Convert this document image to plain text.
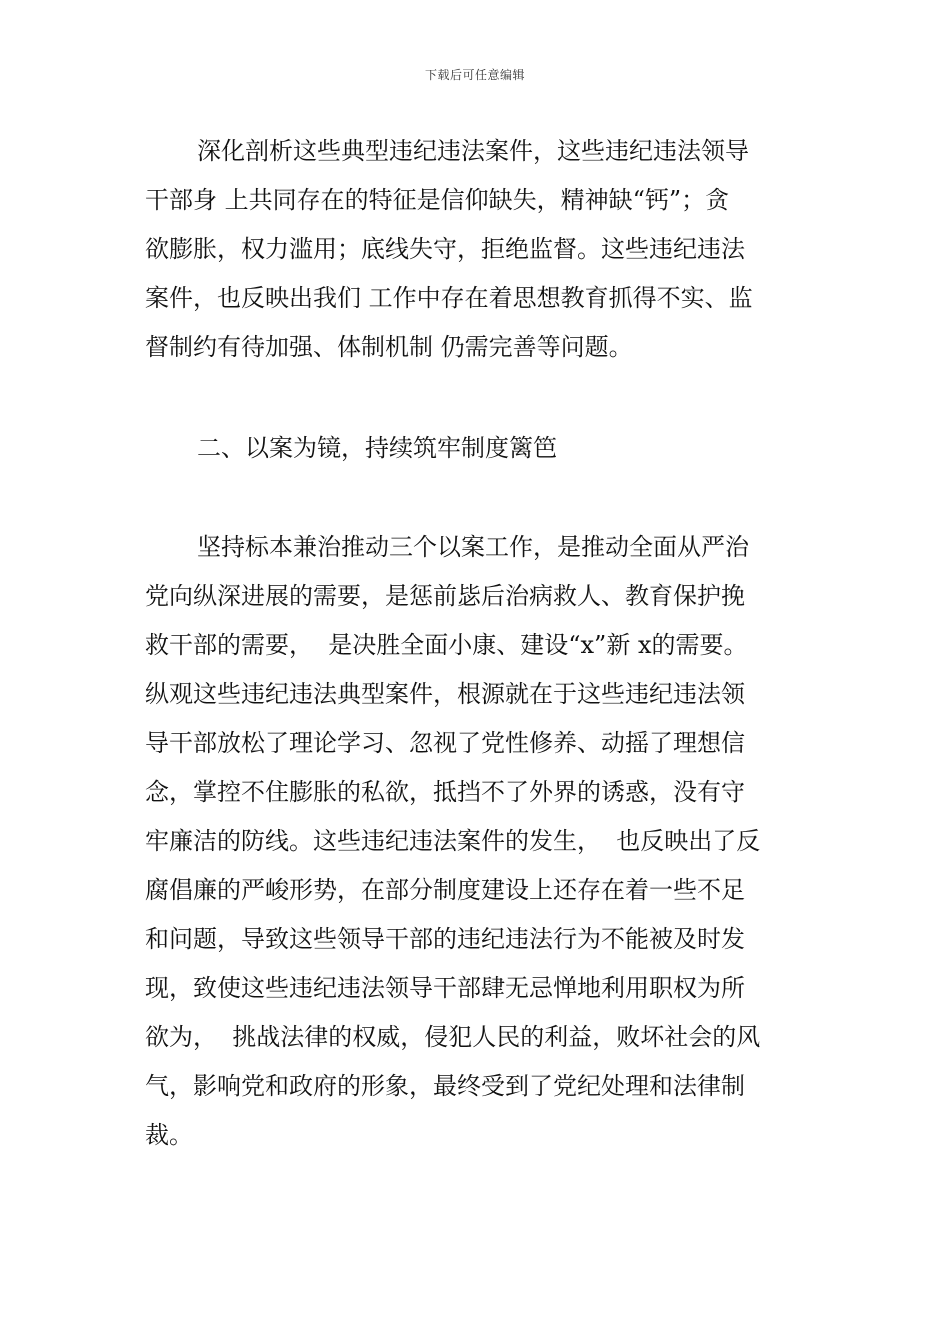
下载后可任意编辑
深化剖析这些典型违纪违法案件，这些违纪违法领导
干部身 上共同存在的特征是信仰缺失，精神缺“钙”；贪
欲膨胀，权力滥用；底线失守，拒绝监督。这些违纪违法
案件，也反映出我们 工作中存在着思想教育抓得不实、监
督制约有待加强、体制机制 仍需完善等问题。
二、以案为镜，持续筑牢制度篱笆
坚持标本兼治推动三个以案工作，是推动全面从严治
党向纵深进展的需要，是惩前毖后治病救人、教育保护挽
救干部的需要，  是决胜全面小康、建设“x”新 x的需要。
纵观这些违纪违法典型案件，根源就在于这些违纪违法领
导干部放松了理论学习、忽视了党性修养、动摇了理想信
念，掌控不住膨胀的私欲，抵挡不了外界的诱惑，没有守
牢廉洁的防线。这些违纪违法案件的发生，  也反映出了反
腐倡廉的严峻形势，在部分制度建设上还存在着一些不足
和问题，导致这些领导干部的违纪违法行为不能被及时发
现，致使这些违纪违法领导干部肆无忌惮地利用职权为所
欲为，  挑战法律的权威，侵犯人民的利益，败坏社会的风
气，影响党和政府的形象，最终受到了党纪处理和法律制
裁。
